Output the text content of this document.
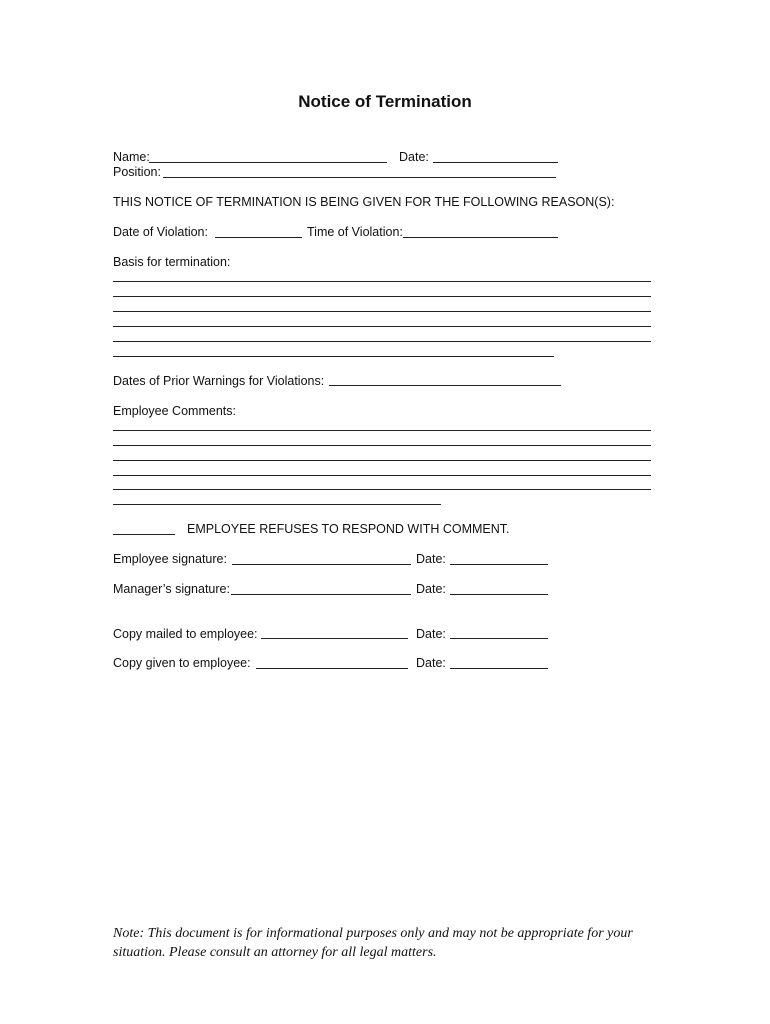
Notice of Termination
Name:	Date:
Position:
THIS NOTICE OF TERMINATION IS BEING GIVEN FOR THE FOLLOWING REASON(S):
Date of Violation:	Time of Violation:
Basis for termination:
Dates of Prior Warnings for Violations:
Employee Comments:
EMPLOYEE REFUSES TO RESPOND WITH COMMENT.
Employee signature:	Date:
Manager’s signature:	Date:
Copy mailed to employee:	Date:
Copy given to employee:	Date:
Note: This document is for informational purposes only and may not be appropriate for your situation. Please consult an attorney for all legal matters.
